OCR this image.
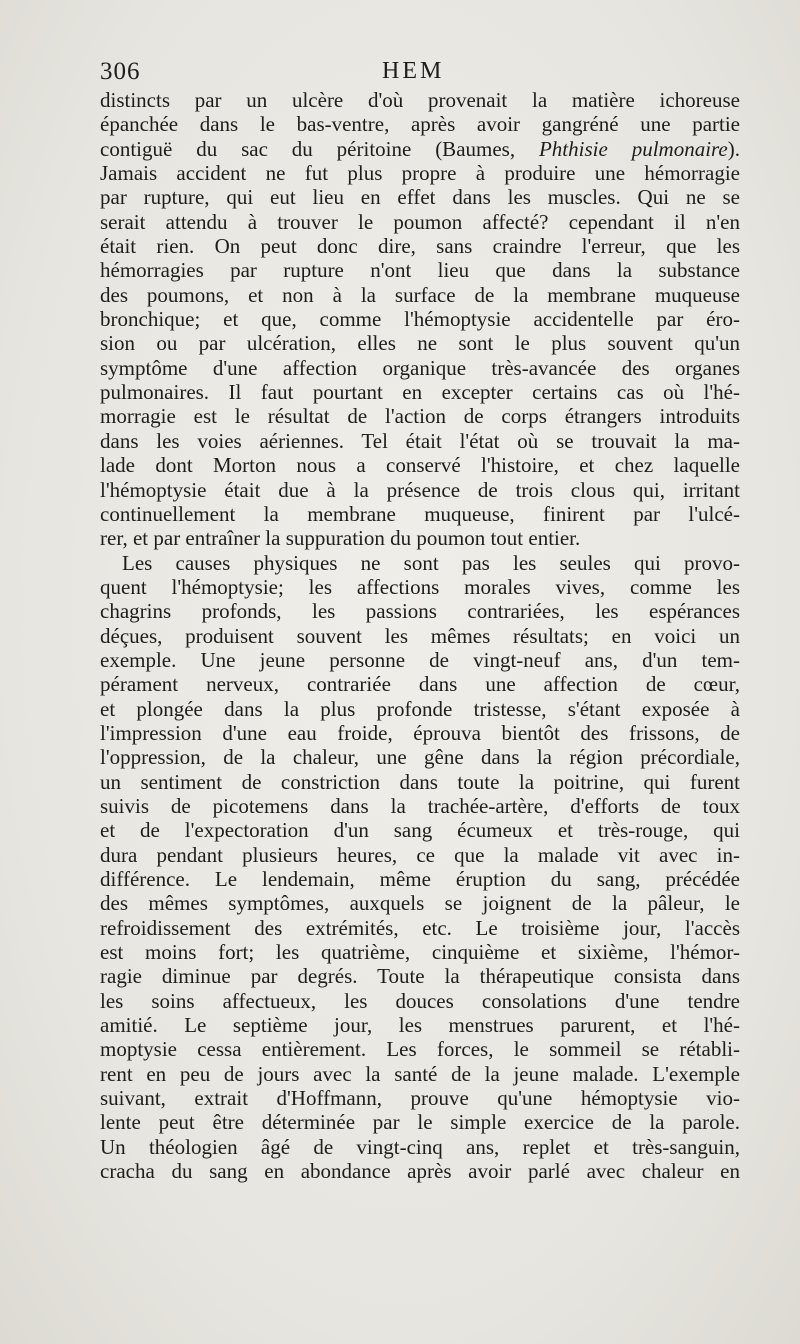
306	HEM
distincts par un ulcère d'où provenait la matière ichoreuse
épanchée dans le bas-ventre, après avoir gangréné une partie
contiguë du sac du péritoine (Baumes, Phthisie pulmonaire).
Jamais accident ne fut plus propre à produire une hémorragie
par rupture, qui eut lieu en effet dans les muscles. Qui ne se
serait attendu à trouver le poumon affecté? cependant il n'en
était rien. On peut donc dire, sans craindre l'erreur, que les
hémorragies par rupture n'ont lieu que dans la substance
des poumons, et non à la surface de la membrane muqueuse
bronchique; et que, comme l'hémoptysie accidentelle par éro-
sion ou par ulcération, elles ne sont le plus souvent qu'un
symptôme d'une affection organique très-avancée des organes
pulmonaires. Il faut pourtant en excepter certains cas où l'hé-
morragie est le résultat de l'action de corps étrangers introduits
dans les voies aériennes. Tel était l'état où se trouvait la ma-
lade dont Morton nous a conservé l'histoire, et chez laquelle
l'hémoptysie était due à la présence de trois clous qui, irritant
continuellement la membrane muqueuse, finirent par l'ulcé-
rer, et par entraîner la suppuration du poumon tout entier.
Les causes physiques ne sont pas les seules qui provo-
quent l'hémoptysie; les affections morales vives, comme les
chagrins profonds, les passions contrariées, les espérances
déçues, produisent souvent les mêmes résultats; en voici un
exemple. Une jeune personne de vingt-neuf ans, d'un tem-
pérament nerveux, contrariée dans une affection de cœur,
et plongée dans la plus profonde tristesse, s'étant exposée à
l'impression d'une eau froide, éprouva bientôt des frissons, de
l'oppression, de la chaleur, une gêne dans la région précordiale,
un sentiment de constriction dans toute la poitrine, qui furent
suivis de picotemens dans la trachée-artère, d'efforts de toux
et de l'expectoration d'un sang écumeux et très-rouge, qui
dura pendant plusieurs heures, ce que la malade vit avec in-
différence. Le lendemain, même éruption du sang, précédée
des mêmes symptômes, auxquels se joignent de la pâleur, le
refroidissement des extrémités, etc. Le troisième jour, l'accès
est moins fort; les quatrième, cinquième et sixième, l'hémor-
ragie diminue par degrés. Toute la thérapeutique consista dans
les soins affectueux, les douces consolations d'une tendre
amitié. Le septième jour, les menstrues parurent, et l'hé-
moptysie cessa entièrement. Les forces, le sommeil se rétabli-
rent en peu de jours avec la santé de la jeune malade. L'exemple
suivant, extrait d'Hoffmann, prouve qu'une hémoptysie vio-
lente peut être déterminée par le simple exercice de la parole.
Un théologien âgé de vingt-cinq ans, replet et très-sanguin,
cracha du sang en abondance après avoir parlé avec chaleur en
